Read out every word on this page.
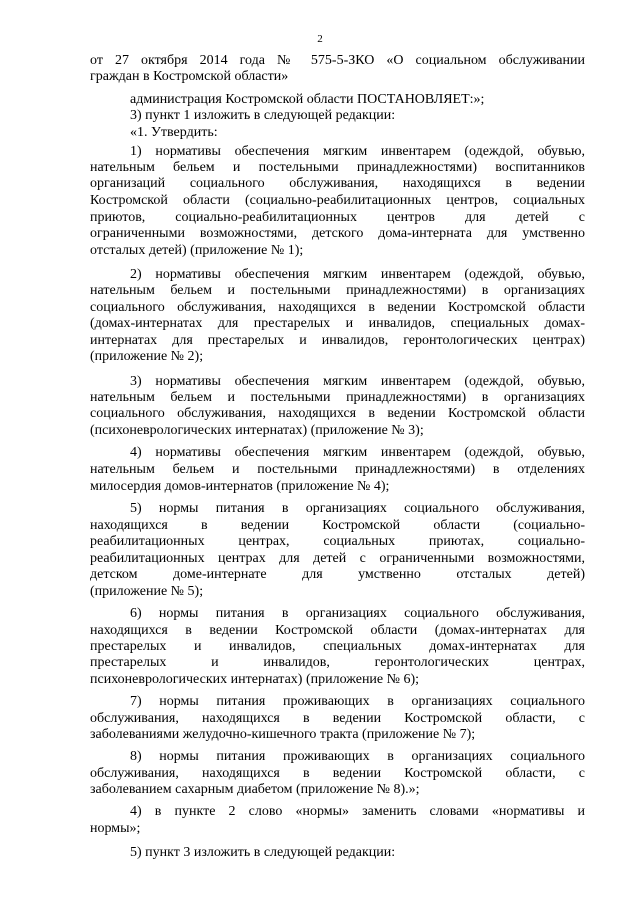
2
от 27 октября 2014 года № 575-5-ЗКО «О социальном обслуживании
граждан в Костромской области»
администрация Костромской области ПОСТАНОВЛЯЕТ:»;
3) пункт 1 изложить в следующей редакции:
«1. Утвердить:
1) нормативы обеспечения мягким инвентарем (одеждой, обувью,
нательным бельем и постельными принадлежностями) воспитанников
организаций социального обслуживания, находящихся в ведении
Костромской области (социально-реабилитационных центров, социальных
приютов, социально-реабилитационных центров для детей с
ограниченными возможностями, детского дома-интерната для умственно
отсталых детей) (приложение № 1);
2) нормативы обеспечения мягким инвентарем (одеждой, обувью,
нательным бельем и постельными принадлежностями) в организациях
социального обслуживания, находящихся в ведении Костромской области
(домах-интернатах для престарелых и инвалидов, специальных домах-
интернатах для престарелых и инвалидов, геронтологических центрах)
(приложение № 2);
3) нормативы обеспечения мягким инвентарем (одеждой, обувью,
нательным бельем и постельными принадлежностями) в организациях
социального обслуживания, находящихся в ведении Костромской области
(психоневрологических интернатах) (приложение № 3);
4) нормативы обеспечения мягким инвентарем (одеждой, обувью,
нательным бельем и постельными принадлежностями) в отделениях
милосердия домов-интернатов (приложение № 4);
5) нормы питания в организациях социального обслуживания,
находящихся в ведении Костромской области (социально-
реабилитационных центрах, социальных приютах, социально-
реабилитационных центрах для детей с ограниченными возможностями,
детском доме-интернате для умственно отсталых детей)
(приложение № 5);
6) нормы питания в организациях социального обслуживания,
находящихся в ведении Костромской области (домах-интернатах для
престарелых и инвалидов, специальных домах-интернатах для
престарелых и инвалидов, геронтологических центрах,
психоневрологических интернатах) (приложение № 6);
7) нормы питания проживающих в организациях социального
обслуживания, находящихся в ведении Костромской области, с
заболеваниями желудочно-кишечного тракта (приложение № 7);
8) нормы питания проживающих в организациях социального
обслуживания, находящихся в ведении Костромской области, с
заболеванием сахарным диабетом (приложение № 8).»;
4) в пункте 2 слово «нормы» заменить словами «нормативы и
нормы»;
5) пункт 3 изложить в следующей редакции:
